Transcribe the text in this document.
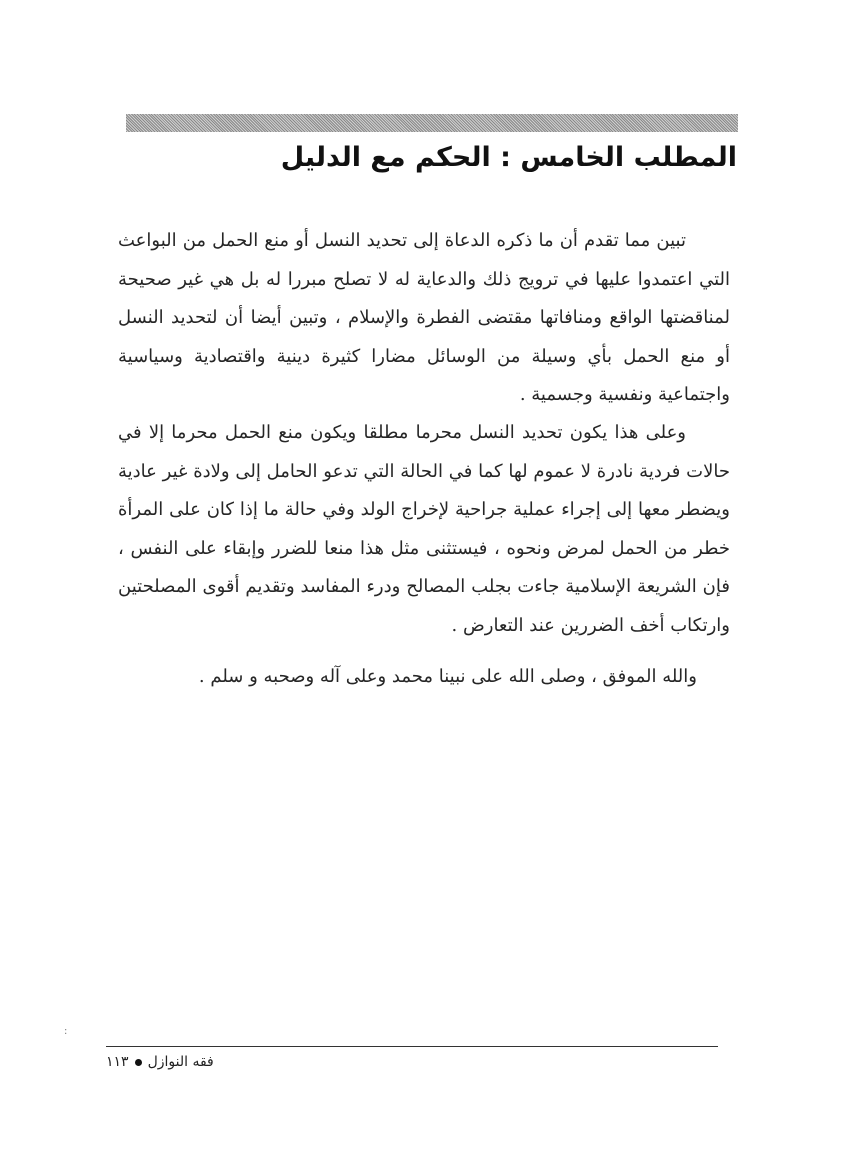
المطلب الخامس : الحكم مع الدليل

تبين مما تقدم أن ما ذكره الدعاة إلى تحديد النسل أو منع الحمل من البواعث التي اعتمدوا عليها في ترويج ذلك والدعاية له لا تصلح مبررا له بل هي غير صحيحة لمناقضتها الواقع ومنافاتها مقتضى الفطرة والإسلام ، وتبين أيضا أن لتحديد النسل أو منع الحمل بأي وسيلة من الوسائل مضارا كثيرة دينية واقتصادية وسياسية واجتماعية ونفسية وجسمية .

وعلى هذا يكون تحديد النسل محرما مطلقا ويكون منع الحمل محرما إلا في حالات فردية نادرة لا عموم لها كما في الحالة التي تدعو الحامل إلى ولادة غير عادية ويضطر معها إلى إجراء عملية جراحية لإخراج الولد وفي حالة ما إذا كان على المرأة خطر من الحمل لمرض ونحوه ، فيستثنى مثل هذا منعا للضرر وإبقاء على النفس ، فإن الشريعة الإسلامية جاءت بجلب المصالح ودرء المفاسد وتقديم أقوى المصلحتين وارتكاب أخف الضررين عند التعارض .

والله الموفق ، وصلى الله على نبينا محمد وعلى آله وصحبه و سلم .

:
فقه النوازل
١١٣
